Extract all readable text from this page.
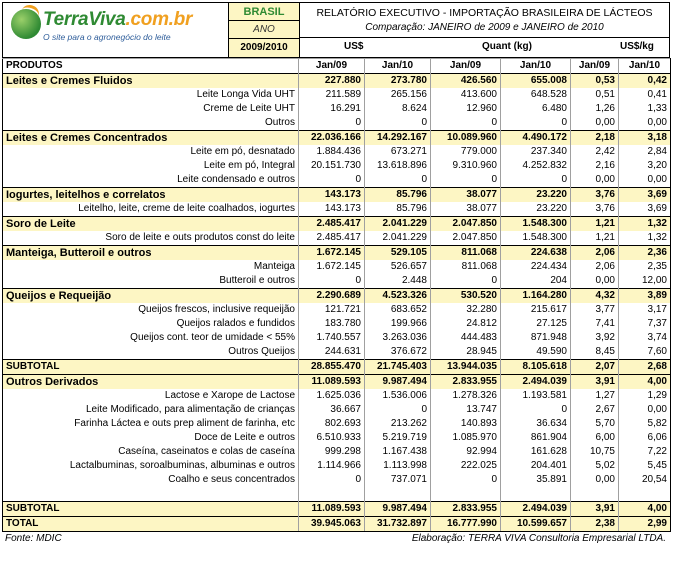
TerraViva.com.br
O site para o agronegócio do leite
BRASIL
ANO
2009/2010
RELATÓRIO EXECUTIVO - IMPORTAÇÃO BRASILEIRA DE LÁCTEOS
Comparação: JANEIRO de 2009 e JANEIRO de 2010
US$	Quant (kg)	US$/kg
PRODUTOS	Jan/09	Jan/10	Jan/09	Jan/10	Jan/09	Jan/10
Leites e Cremes Fluidos	227.880	273.780	426.560	655.008	0,53	0,42
Leite Longa Vida UHT	211.589	265.156	413.600	648.528	0,51	0,41
Creme de Leite UHT	16.291	8.624	12.960	6.480	1,26	1,33
Outros	0	0	0	0	0,00	0,00
Leites e Cremes Concentrados	22.036.166	14.292.167	10.089.960	4.490.172	2,18	3,18
Leite em pó, desnatado	1.884.436	673.271	779.000	237.340	2,42	2,84
Leite em pó, Integral	20.151.730	13.618.896	9.310.960	4.252.832	2,16	3,20
Leite condensado e outros	0	0	0	0	0,00	0,00
Iogurtes, leitelhos e correlatos	143.173	85.796	38.077	23.220	3,76	3,69
Leitelho, leite, creme de leite coalhados, iogurtes	143.173	85.796	38.077	23.220	3,76	3,69
Soro de Leite	2.485.417	2.041.229	2.047.850	1.548.300	1,21	1,32
Soro de leite e outs produtos const do leite	2.485.417	2.041.229	2.047.850	1.548.300	1,21	1,32
Manteiga, Butteroil e outros	1.672.145	529.105	811.068	224.638	2,06	2,36
Manteiga	1.672.145	526.657	811.068	224.434	2,06	2,35
Butteroil e outros	0	2.448	0	204	0,00	12,00
Queijos e Requeijão	2.290.689	4.523.326	530.520	1.164.280	4,32	3,89
Queijos frescos, inclusive requeijão	121.721	683.652	32.280	215.617	3,77	3,17
Queijos ralados e fundidos	183.780	199.966	24.812	27.125	7,41	7,37
Queijos cont. teor de umidade < 55%	1.740.557	3.263.036	444.483	871.948	3,92	3,74
Outros Queijos	244.631	376.672	28.945	49.590	8,45	7,60
SUBTOTAL	28.855.470	21.745.403	13.944.035	8.105.618	2,07	2,68
Outros Derivados	11.089.593	9.987.494	2.833.955	2.494.039	3,91	4,00
Lactose e Xarope de Lactose	1.625.036	1.536.006	1.278.326	1.193.581	1,27	1,29
Leite Modificado, para alimentação de crianças	36.667	0	13.747	0	2,67	0,00
Farinha Láctea e outs prep aliment de farinha, etc	802.693	213.262	140.893	36.634	5,70	5,82
Doce de Leite e outros	6.510.933	5.219.719	1.085.970	861.904	6,00	6,06
Caseína, caseinatos e colas de caseína	999.298	1.167.438	92.994	161.628	10,75	7,22
Lactalbuminas, soroalbuminas, albuminas e outros	1.114.966	1.113.998	222.025	204.401	5,02	5,45
Coalho e seus concentrados	0	737.071	0	35.891	0,00	20,54

SUBTOTAL	11.089.593	9.987.494	2.833.955	2.494.039	3,91	4,00
TOTAL	39.945.063	31.732.897	16.777.990	10.599.657	2,38	2,99
Fonte: MDIC	Elaboração: TERRA VIVA Consultoria Empresarial LTDA.
